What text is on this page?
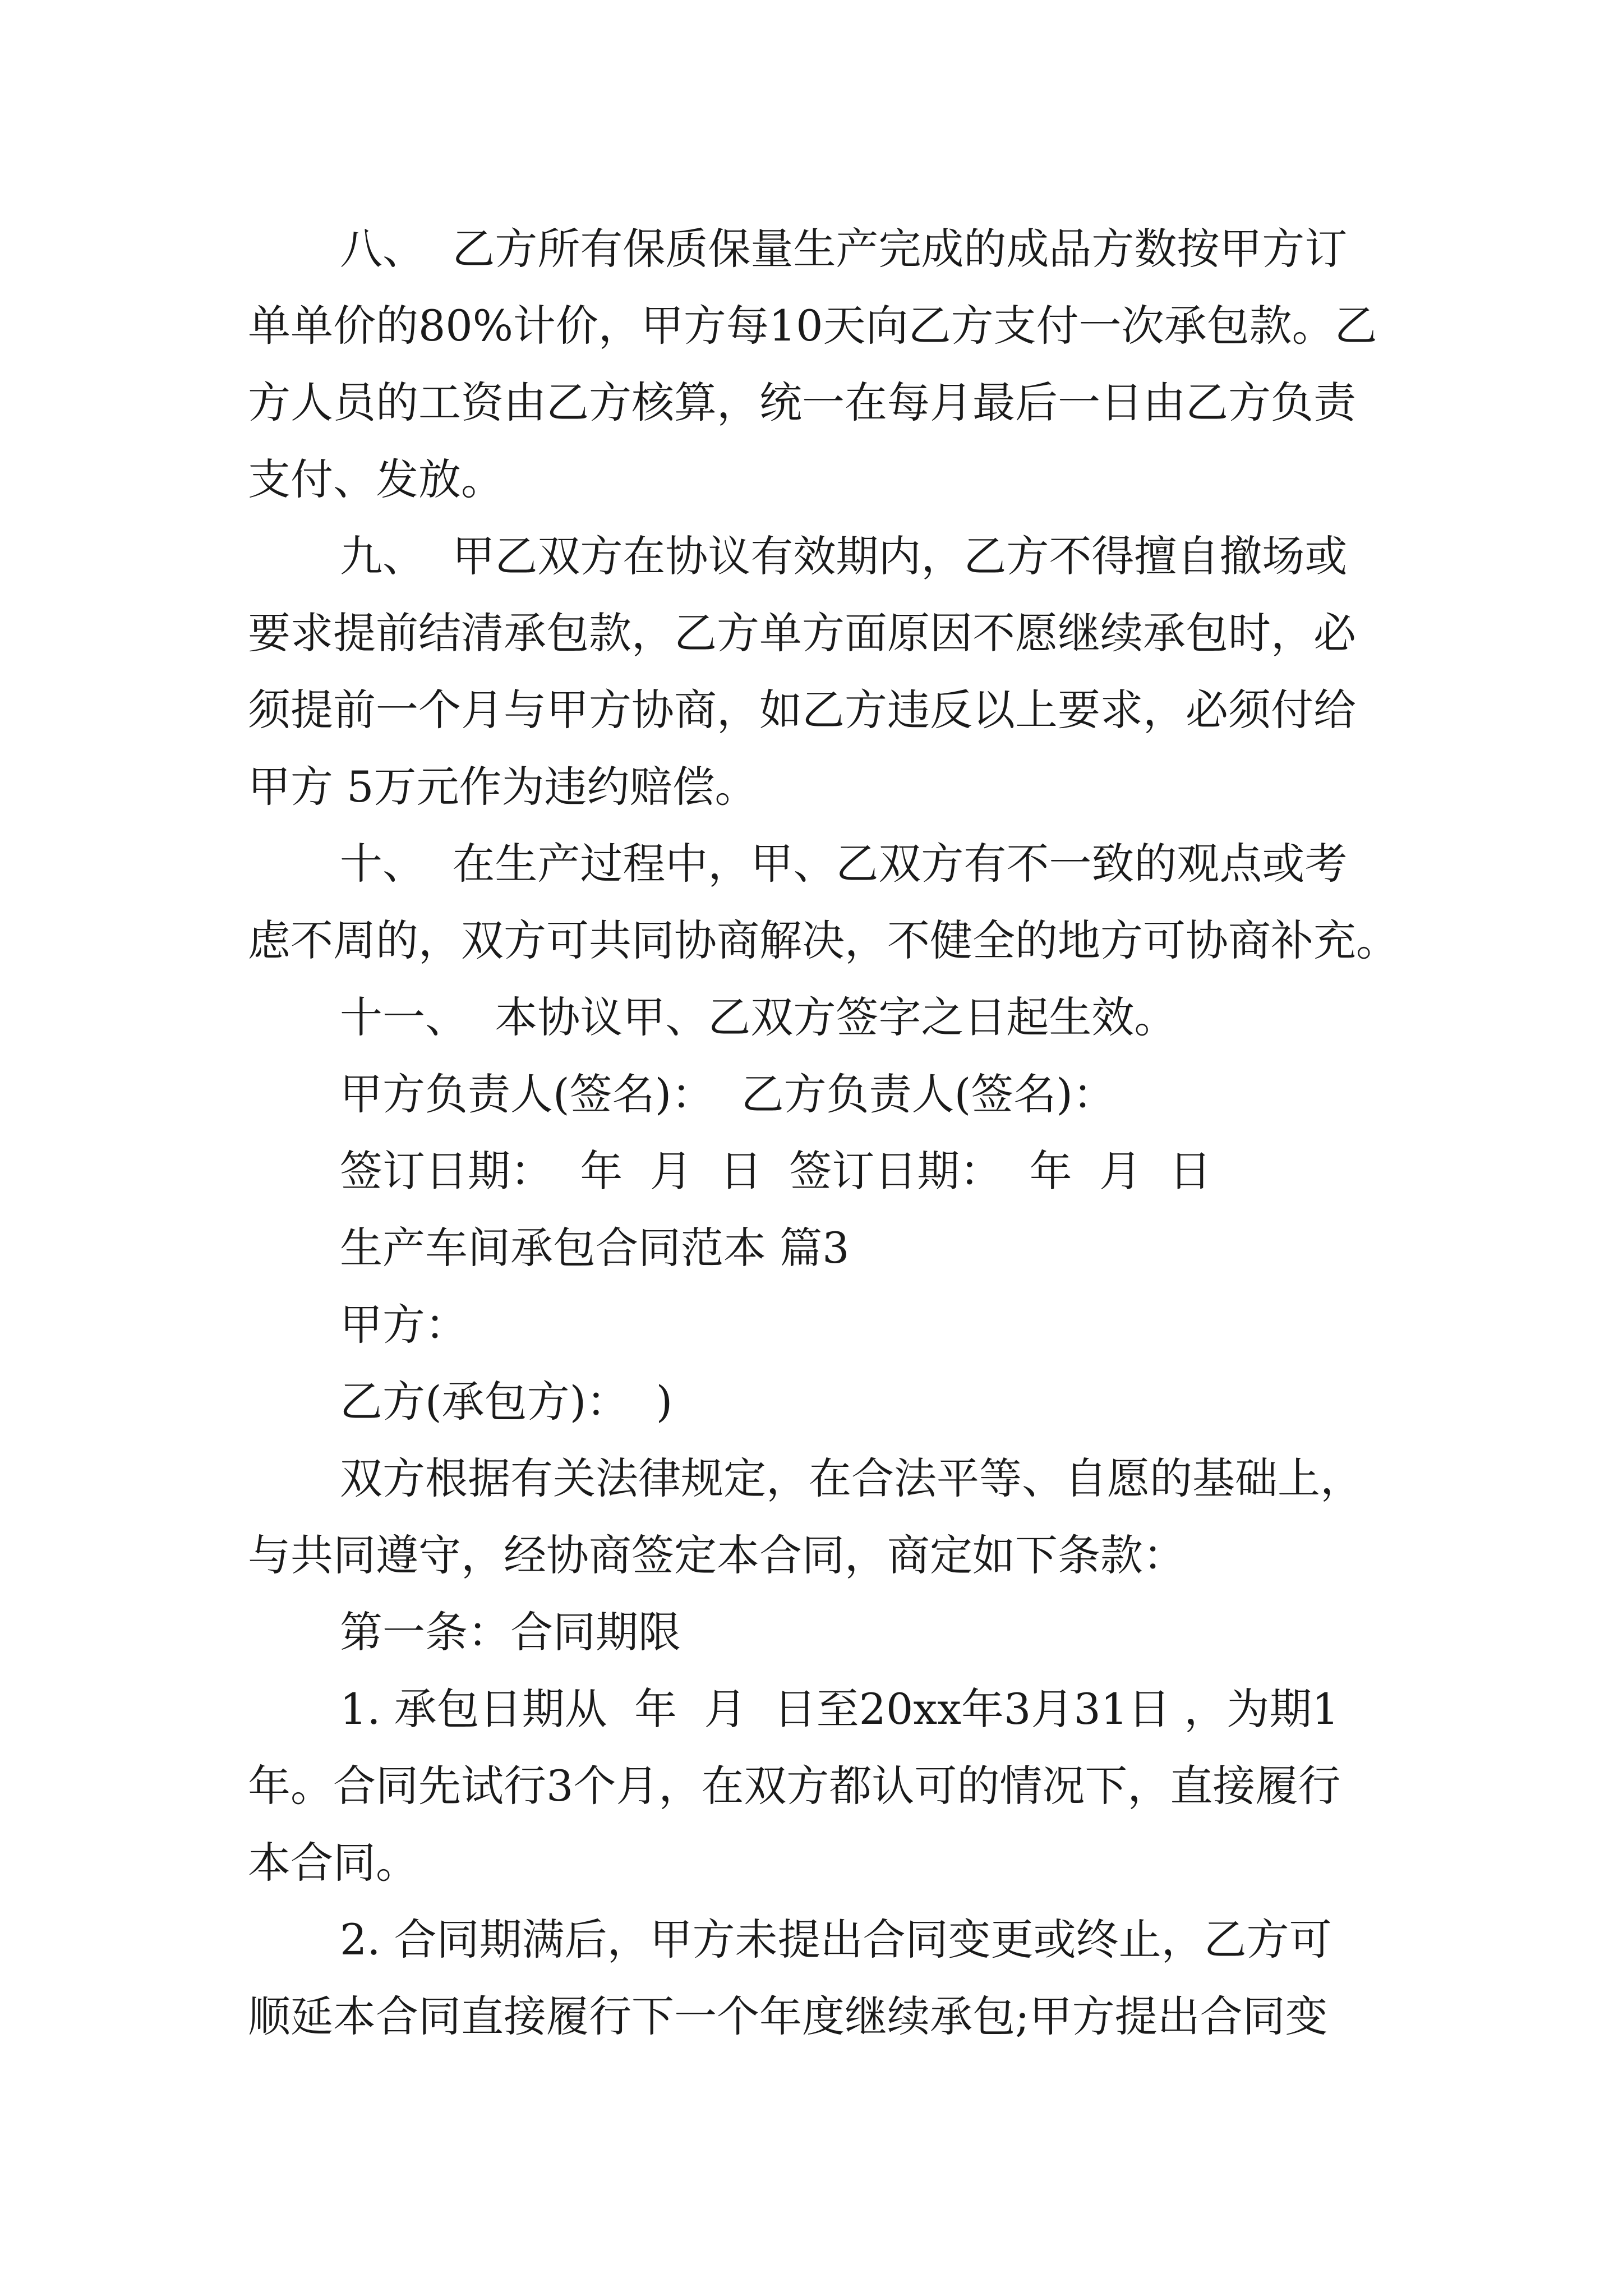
八、  乙方所有保质保量生产完成的成品方数按甲方订
单单价的80%计价，甲方每10天向乙方支付一次承包款。乙
方人员的工资由乙方核算，统一在每月最后一日由乙方负责
支付、发放。
九、  甲乙双方在协议有效期内，乙方不得擅自撤场或
要求提前结清承包款，乙方单方面原因不愿继续承包时，必
须提前一个月与甲方协商，如乙方违反以上要求，必须付给
甲方 5万元作为违约赔偿。
十、  在生产过程中，甲、乙双方有不一致的观点或考
虑不周的，双方可共同协商解决，不健全的地方可协商补充。
十一、  本协议甲、乙双方签字之日起生效。
甲方负责人(签名)：  乙方负责人(签名)：
签订日期：  年  月  日  签订日期：  年  月  日
生产车间承包合同范本 篇3
甲方：
乙方(承包方)：  )
双方根据有关法律规定，在合法平等、自愿的基础上，
与共同遵守，经协商签定本合同，商定如下条款：
第一条：合同期限
1. 承包日期从  年  月  日至20xx年3月31日 ，为期1
年。合同先试行3个月，在双方都认可的情况下，直接履行
本合同。
2. 合同期满后，甲方未提出合同变更或终止，乙方可
顺延本合同直接履行下一个年度继续承包;甲方提出合同变
